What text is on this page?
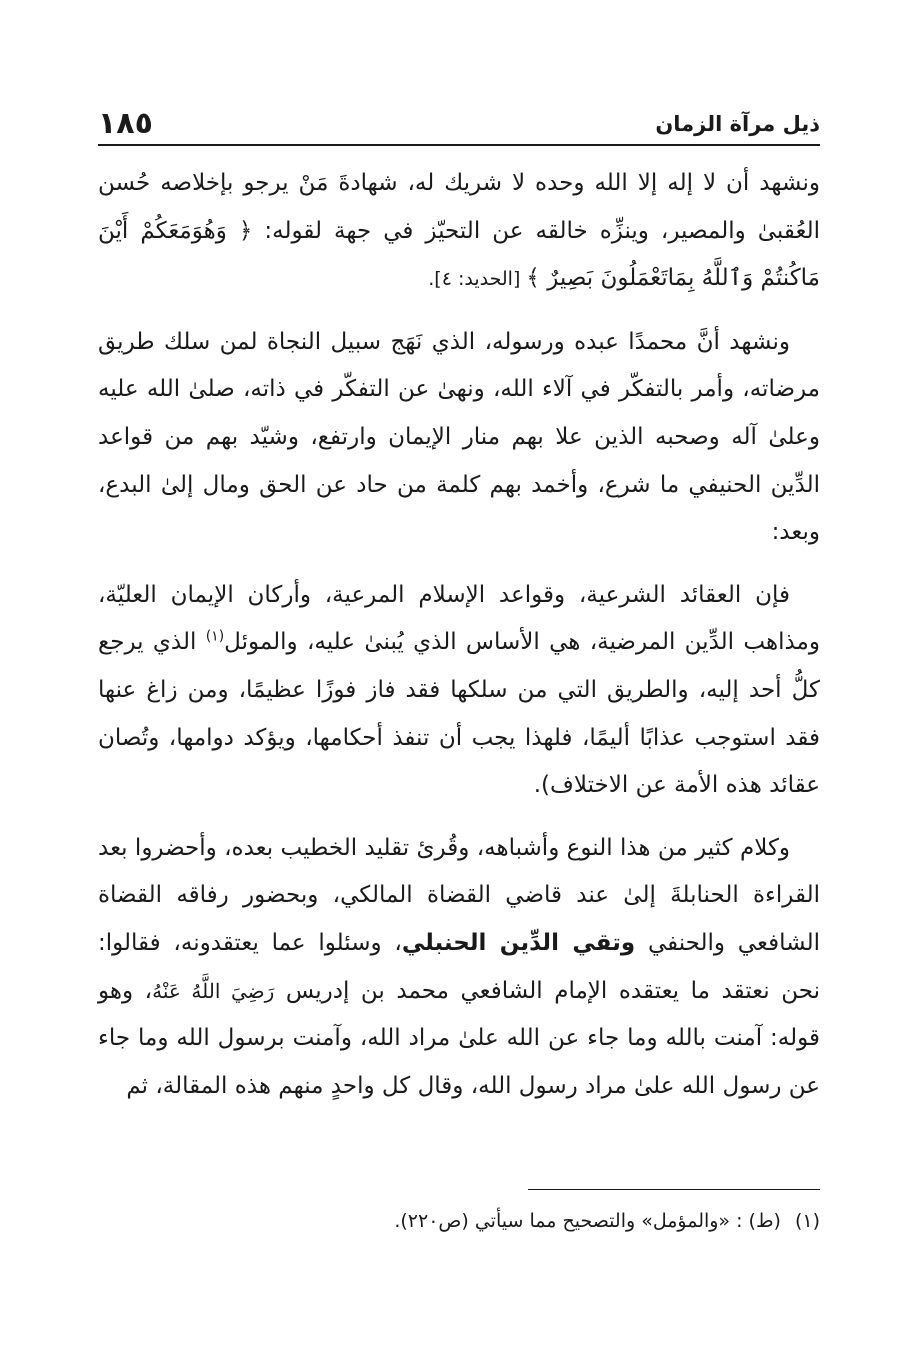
ذيل مرآة الزمان
١٨٥

ونشهد أن لا إله إلا الله وحده لا شريك له، شهادةَ مَنْ يرجو بإخلاصه حُسن العُقبىٰ والمصير، وينزِّه خالقه عن التحيّز في جهة لقوله: ﴿ وَهُوَمَعَكُمْ أَيْنَ مَاكُنتُمْ وَٱللَّهُ بِمَاتَعْمَلُونَ بَصِيرٌ ﴾ [الحديد: ٤].

ونشهد أنَّ محمدًا عبده ورسوله، الذي نَهَج سبيل النجاة لمن سلك طريق مرضاته، وأمر بالتفكّر في آلاء الله، ونهىٰ عن التفكّر في ذاته، صلىٰ الله عليه وعلىٰ آله وصحبه الذين علا بهم منار الإيمان وارتفع، وشيّد بهم من قواعد الدِّين الحنيفي ما شرع، وأخمد بهم كلمة من حاد عن الحق ومال إلىٰ البدع، وبعد:

فإن العقائد الشرعية، وقواعد الإسلام المرعية، وأركان الإيمان العليّة، ومذاهب الدِّين المرضية، هي الأساس الذي يُبنىٰ عليه، والموئل$^{(١)}$ الذي يرجع كلُّ أحد إليه، والطريق التي من سلكها فقد فاز فوزًا عظيمًا، ومن زاغ عنها فقد استوجب عذابًا أليمًا، فلهذا يجب أن تنفذ أحكامها، ويؤكد دوامها، وتُصان عقائد هذه الأمة عن الاختلاف).

وكلام كثير من هذا النوع وأشباهه، وقُرئ تقليد الخطيب بعده، وأحضروا بعد القراءة الحنابلةَ إلىٰ عند قاضي القضاة المالكي، وبحضور رفاقه القضاة الشافعي والحنفي وتقي الدِّين الحنبلي، وسئلوا عما يعتقدونه، فقالوا: نحن نعتقد ما يعتقده الإمام الشافعي محمد بن إدريس رَضِيَ اللَّهُ عَنْهُ، وهو قوله: آمنت بالله وما جاء عن الله علىٰ مراد الله، وآمنت برسول الله وما جاء عن رسول الله علىٰ مراد رسول الله، وقال كل واحدٍ منهم هذه المقالة، ثم

(١)(ط) : «والمؤمل» والتصحيح مما سيأتي (ص٢٢٠).
